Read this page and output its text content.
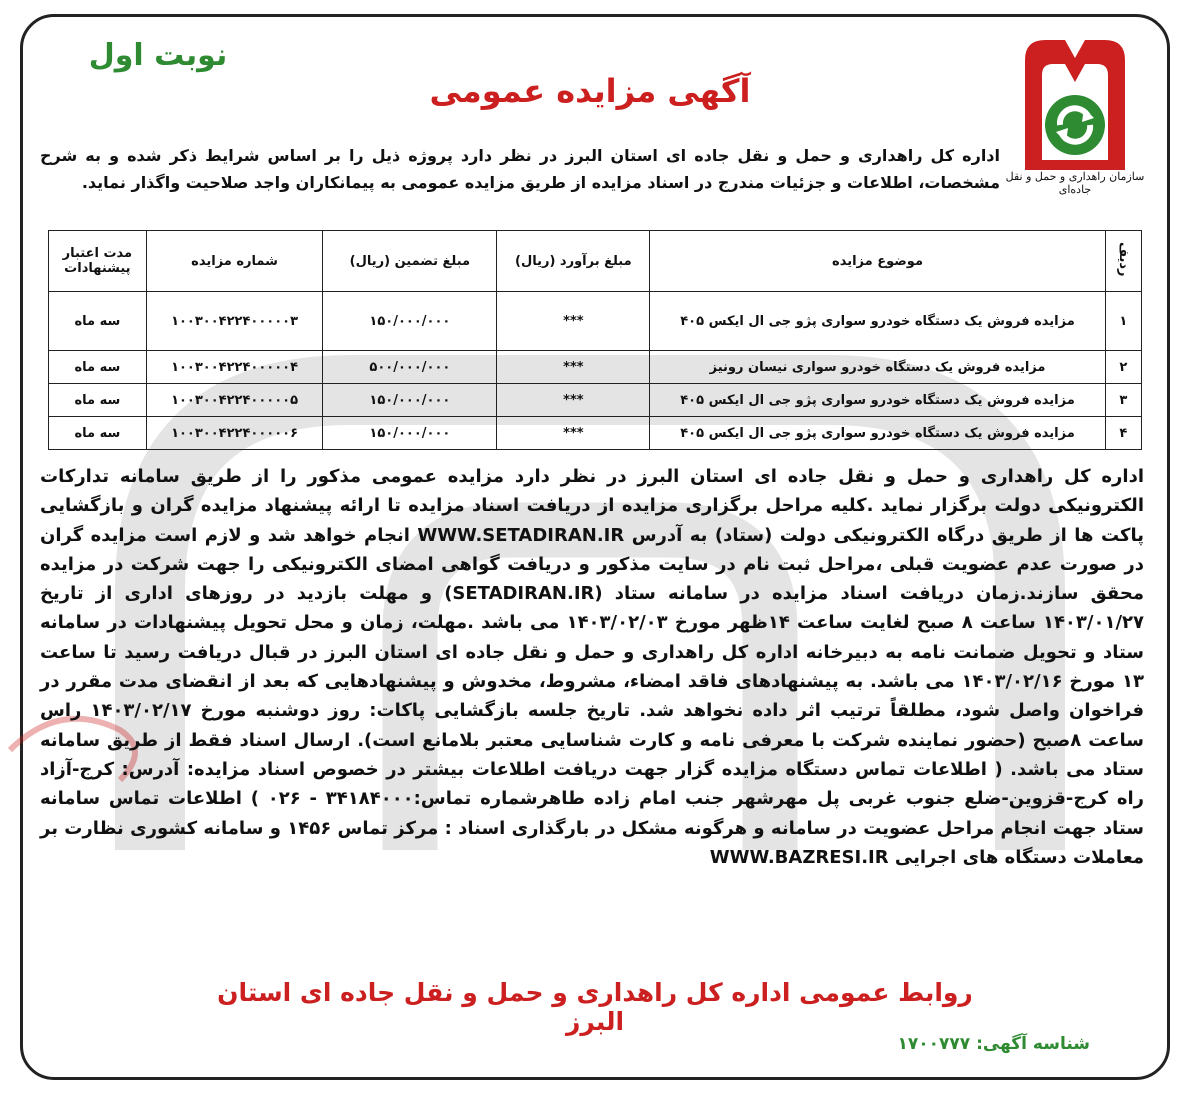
سازمان راهداری و حمل و نقل جاده‌ای
نوبت اول
آگهی مزایده عمومی
اداره کل راهداری و حمل و نقل جاده ای استان البرز در نظر دارد پروژه ذیل را بر اساس شرایط ذکر شده و به شرح مشخصات، اطلاعات و جزئیات مندرج در اسناد مزایده از طریق مزایده عمومی به پیمانکاران واجد صلاحیت واگذار نماید.
ردیف	موضوع مزایده	مبلغ برآورد (ریال)	مبلغ تضمین (ریال)	شماره مزایده	مدت اعتبار پیشنهادات
۱	مزایده فروش یک دستگاه خودرو سواری پژو جی ال ایکس ۴۰۵	***	۱۵۰/۰۰۰/۰۰۰	۱۰۰۳۰۰۴۲۲۴۰۰۰۰۰۳	سه ماه
۲	مزایده فروش یک دستگاه خودرو سواری نیسان رونیز	***	۵۰۰/۰۰۰/۰۰۰	۱۰۰۳۰۰۴۲۲۴۰۰۰۰۰۴	سه ماه
۳	مزایده فروش یک دستگاه خودرو سواری پژو جی ال ایکس ۴۰۵	***	۱۵۰/۰۰۰/۰۰۰	۱۰۰۳۰۰۴۲۲۴۰۰۰۰۰۵	سه ماه
۴	مزایده فروش یک دستگاه خودرو سواری پژو جی ال ایکس ۴۰۵	***	۱۵۰/۰۰۰/۰۰۰	۱۰۰۳۰۰۴۲۲۴۰۰۰۰۰۶	سه ماه
اداره کل راهداری و حمل و نقل جاده ای استان البرز در نظر دارد مزایده عمومی مذکور را از طریق سامانه تدارکات الکترونیکی دولت برگزار نماید .کلیه مراحل برگزاری مزایده از دریافت اسناد مزایده تا ارائه پیشنهاد مزایده گران و بازگشایی پاکت ها از طریق درگاه الکترونیکی دولت (ستاد) به آدرس WWW.SETADIRAN.IR انجام خواهد شد و لازم است مزایده گران در صورت عدم عضویت قبلی ،مراحل ثبت نام در سایت مذکور و دریافت گواهی امضای الکترونیکی را جهت شرکت در مزایده محقق سازند.زمان دریافت اسناد مزایده در سامانه ستاد (SETADIRAN.IR) و مهلت بازدید در روزهای اداری از تاریخ ۱۴۰۳/۰۱/۲۷ ساعت ۸ صبح لغایت ساعت ۱۴ظهر مورخ ۱۴۰۳/۰۲/۰۳ می باشد .مهلت، زمان و محل تحویل پیشنهادات در سامانه ستاد و تحویل ضمانت نامه به دبیرخانه اداره کل راهداری و حمل و نقل جاده ای استان البرز در قبال دریافت رسید تا ساعت ۱۳ مورخ ۱۴۰۳/۰۲/۱۶ می باشد. به پیشنهادهای فاقد امضاء، مشروط، مخدوش و پیشنهادهایی که بعد از انقضای مدت مقرر در فراخوان واصل شود، مطلقاً ترتیب اثر داده نخواهد شد. تاریخ جلسه بازگشایی پاکات: روز دوشنبه مورخ ۱۴۰۳/۰۲/۱۷ راس ساعت ۸صبح (حضور نماینده شرکت با معرفی نامه و کارت شناسایی معتبر بلامانع است). ارسال اسناد فقط از طریق سامانه ستاد می باشد. ( اطلاعات تماس دستگاه مزایده گزار جهت دریافت اطلاعات بیشتر در خصوص اسناد مزایده: آدرس: کرج-آزاد راه کرج-قزوین-ضلع جنوب غربی پل مهرشهر جنب امام زاده طاهرشماره تماس:۳۴۱۸۴۰۰۰ - ۰۲۶ ) اطلاعات تماس سامانه ستاد جهت انجام مراحل عضویت در سامانه و هرگونه مشکل در بارگذاری اسناد : مرکز تماس ۱۴۵۶ و سامانه کشوری نظارت بر معاملات دستگاه های اجرایی WWW.BAZRESI.IR
روابط عمومی اداره کل راهداری و حمل و نقل جاده ای استان البرز
شناسه آگهی: ۱۷۰۰۷۷۷
